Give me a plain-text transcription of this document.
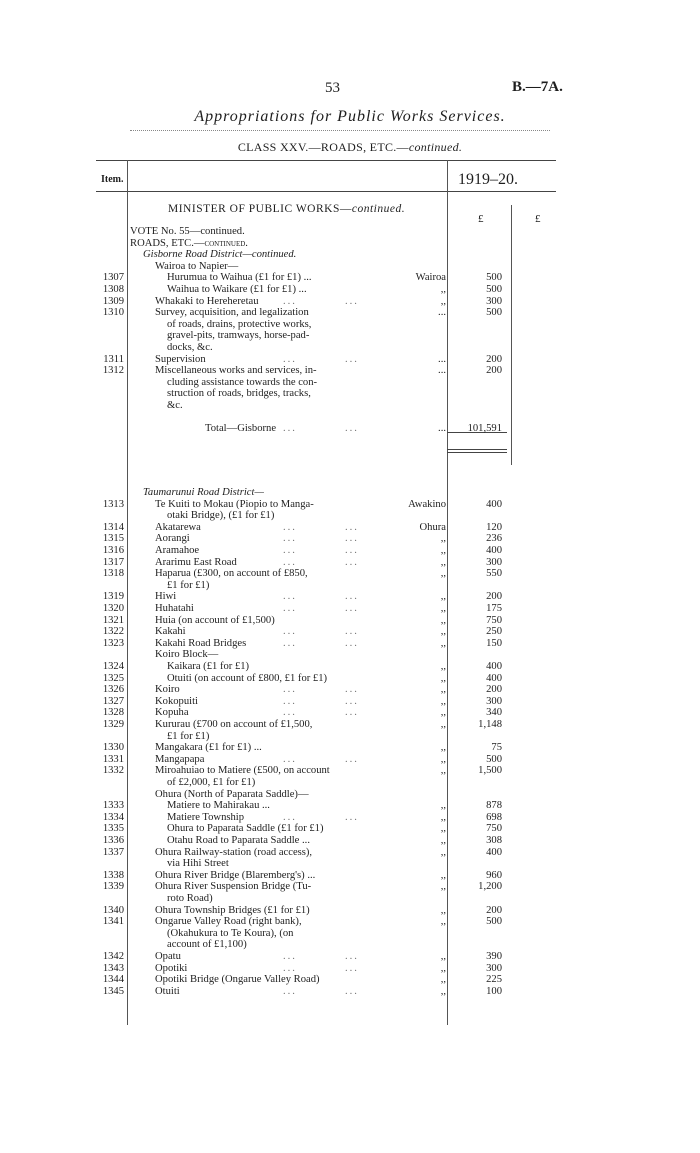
53	B.—7A.
Appropriations for Public Works Services.
CLASS XXV.—ROADS, ETC.—continued.
Item.	1919–20.
MINISTER OF PUBLIC WORKS—continued.
£	£
VOTE No. 55—continued.
ROADS, ETC.—continued.
Gisborne Road District—continued.
Wairoa to Napier—
1307	Hurumua to Waihua (£1 for £1) ...	Wairoa	500
1308	Waihua to Waikare (£1 for £1) ...	,,	500
1309	Whakaki to Hereheretau ...	...	,,	300
1310	Survey, acquisition, and legalization	...	500
of roads, drains, protective works,
gravel-pits, tramways, horse-pad-
docks, &c.
1311	Supervision	...	...	...	200
1312	Miscellaneous works and services, in-	...	200
cluding assistance towards the con-
struction of roads, bridges, tracks,
&c.
Total—Gisborne ...	...	...	101,591
Taumarunui Road District—
1313	Te Kuiti to Mokau (Piopio to Manga-	Awakino	400
otaki Bridge), (£1 for £1)
1314	Akatarewa	...	...	Ohura	120
1315	Aorangi	...	...	,,	236
1316	Aramahoe	...	...	,,	400
1317	Ararimu East Road	...	...	,,	300
1318	Haparua (£300, on account of £850,	,,	550
£1 for £1)
1319	Hiwi	...	...	,,	200
1320	Huhatahi	...	...	,,	175
1321	Huia (on account of £1,500)	,,	750
1322	Kakahi	...	...	,,	250
1323	Kakahi Road Bridges	...	...	,,	150
Koiro Block—
1324	Kaikara (£1 for £1)	,,	400
1325	Otuiti (on account of £800, £1 for £1)	,,	400
1326	Koiro	...	...	,,	200
1327	Kokopuiti	...	...	,,	300
1328	Kopuha	...	...	,,	340
1329	Kururau (£700 on account of £1,500,	,,	1,148
£1 for £1)
1330	Mangakara (£1 for £1) ...	,,	75
1331	Mangapapa	...	...	,,	500
1332	Miroahuiao to Matiere (£500, on account	,,	1,500
of £2,000, £1 for £1)
Ohura (North of Paparata Saddle)—
1333	Matiere to Mahirakau ...	,,	878
1334	Matiere Township	...	...	,,	698
1335	Ohura to Paparata Saddle (£1 for £1)	,,	750
1336	Otahu Road to Paparata Saddle ...	,,	308
1337	Ohura Railway-station (road access),	,,	400
via Hihi Street
1338	Ohura River Bridge (Blaremberg's) ...	,,	960
1339	Ohura River Suspension Bridge (Tu-	,,	1,200
roto Road)
1340	Ohura Township Bridges (£1 for £1)	,,	200
1341	Ongarue Valley Road (right bank),	,,	500
(Okahukura to Te Koura), (on
account of £1,100)
1342	Opatu	...	...	,,	390
1343	Opotiki	...	...	,,	300
1344	Opotiki Bridge (Ongarue Valley Road)	,,	225
1345	Otuiti	...	...	,,	100
